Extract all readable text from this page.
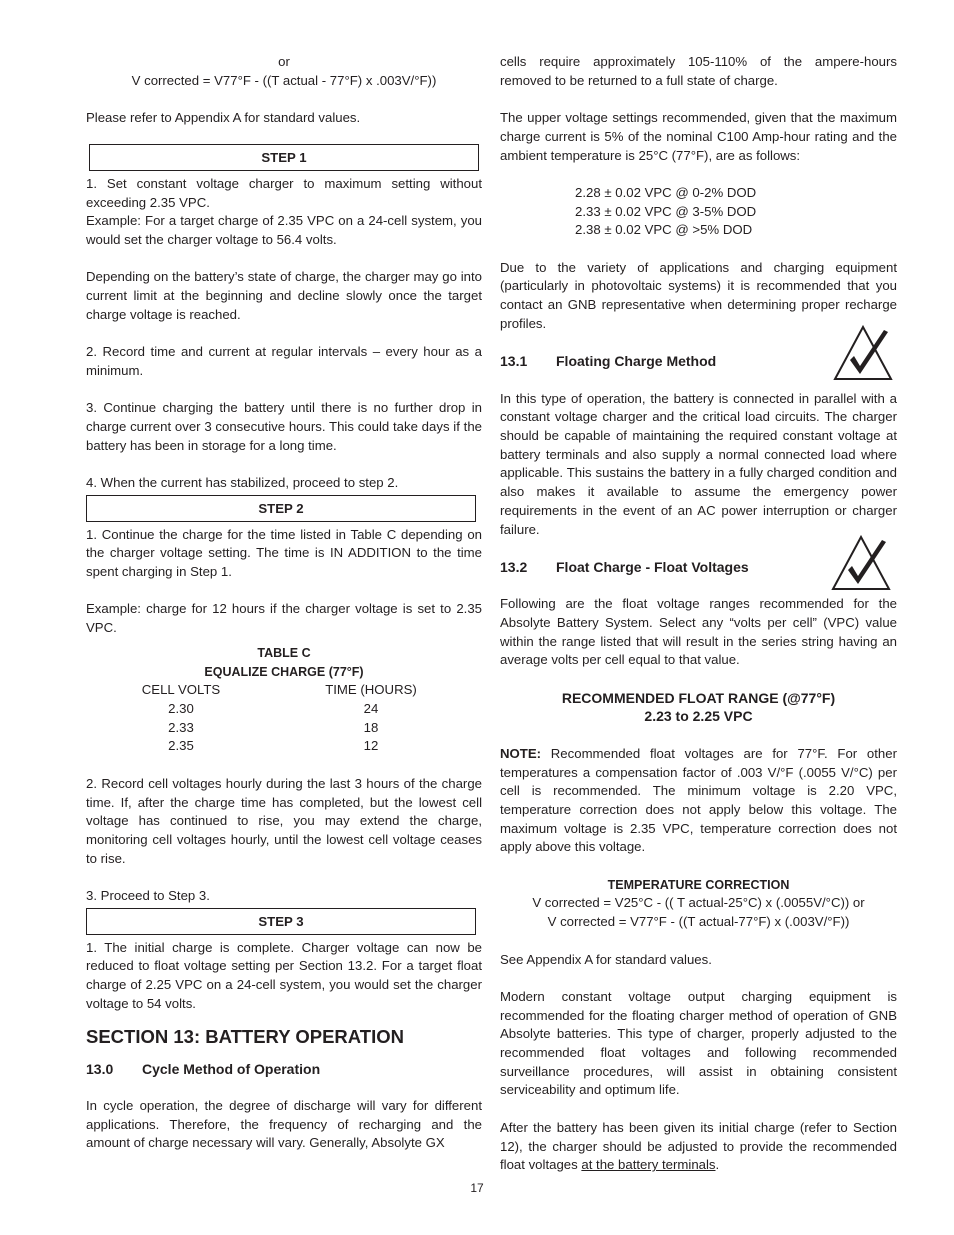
or

V corrected = V77°F - ((T actual - 77°F) x .003V/°F))

Please refer to Appendix A for standard values.

STEP 1

1. Set constant voltage charger to maximum setting without exceeding 2.35 VPC.

Example: For a target charge of 2.35 VPC on a 24-cell system, you would set the charger voltage to 56.4 volts.

Depending on the battery’s state of charge, the charger may go into current limit at the beginning and decline slowly once the target charge voltage is reached.

2. Record time and current at regular intervals – every hour as a minimum.

3. Continue charging the battery until there is no further drop in charge current over 3 consecutive hours. This could take days if the battery has been in storage for a long time.

4. When the current has stabilized, proceed to step 2.

STEP 2

1. Continue the charge for the time listed in Table C depending on the charger voltage setting. The time is IN ADDITION to the time spent charging in Step 1.

Example: charge for 12 hours if the charger voltage is set to 2.35 VPC.

TABLE C

EQUALIZE CHARGE (77°F)

CELL VOLTS	TIME (HOURS)
2.30	24
2.33	18
2.35	12

2. Record cell voltages hourly during the last 3 hours of the charge time. If, after the charge time has completed, but the lowest cell voltage has continued to rise, you may extend the charge, monitoring cell voltages hourly, until the lowest cell voltage ceases to rise.

3. Proceed to Step 3.

STEP 3

1. The initial charge is complete. Charger voltage can now be reduced to float voltage setting per Section 13.2. For a target float charge of 2.25 VPC on a 24-cell system, you would set the charger voltage to 54 volts.

SECTION 13: BATTERY OPERATION
13.0	Cycle Method of Operation

In cycle operation, the degree of discharge will vary for different applications. Therefore, the frequency of recharging and the amount of charge necessary will vary. Generally, Absolyte GX

cells require approximately 105-110% of the ampere-hours removed to be returned to a full state of charge.

The upper voltage settings recommended, given that the maximum charge current is 5% of the nominal C100 Amp-hour rating and the ambient temperature is 25°C (77°F), are as follows:

2.28 ± 0.02 VPC @ 0-2% DOD

2.33 ± 0.02 VPC @ 3-5% DOD

2.38 ± 0.02 VPC @ >5% DOD

Due to the variety of applications and charging equipment (particularly in photovoltaic systems) it is recommended that you contact an GNB representative when determining proper recharge profiles.

13.1	Floating Charge Method

In this type of operation, the battery is connected in parallel with a constant voltage charger and the critical load circuits. The charger should be capable of maintaining the required constant voltage at battery terminals and also supply a normal connected load where applicable. This sustains the battery in a fully charged condition and also makes it available to assume the emergency power requirements in the event of an AC power interruption or charger failure.

13.2	Float Charge - Float Voltages

Following are the float voltage ranges recommended for the Absolyte Battery System. Select any “volts per cell” (VPC) value within the range listed that will result in the series string having an average volts per cell equal to that value.

RECOMMENDED FLOAT RANGE (@77°F)

2.23 to 2.25 VPC

NOTE: Recommended float voltages are for 77°F. For other temperatures a compensation factor of .003 V/°F (.0055 V/°C) per cell is recommended. The minimum voltage is 2.20 VPC, temperature correction does not apply below this voltage. The maximum voltage is 2.35 VPC, temperature correction does not apply above this voltage.

TEMPERATURE CORRECTION

V corrected = V25°C - (( T actual-25°C) x (.0055V/°C)) or

V corrected = V77°F - ((T actual-77°F) x (.003V/°F))

See Appendix A for standard values.

Modern constant voltage output charging equipment is recommended for the floating charger method of operation of GNB Absolyte batteries. This type of charger, properly adjusted to the recommended float voltages and following recommended surveillance procedures, will assist in obtaining consistent serviceability and optimum life.

After the battery has been given its initial charge (refer to Section 12), the charger should be adjusted to provide the recommended float voltages at the battery terminals.

17
